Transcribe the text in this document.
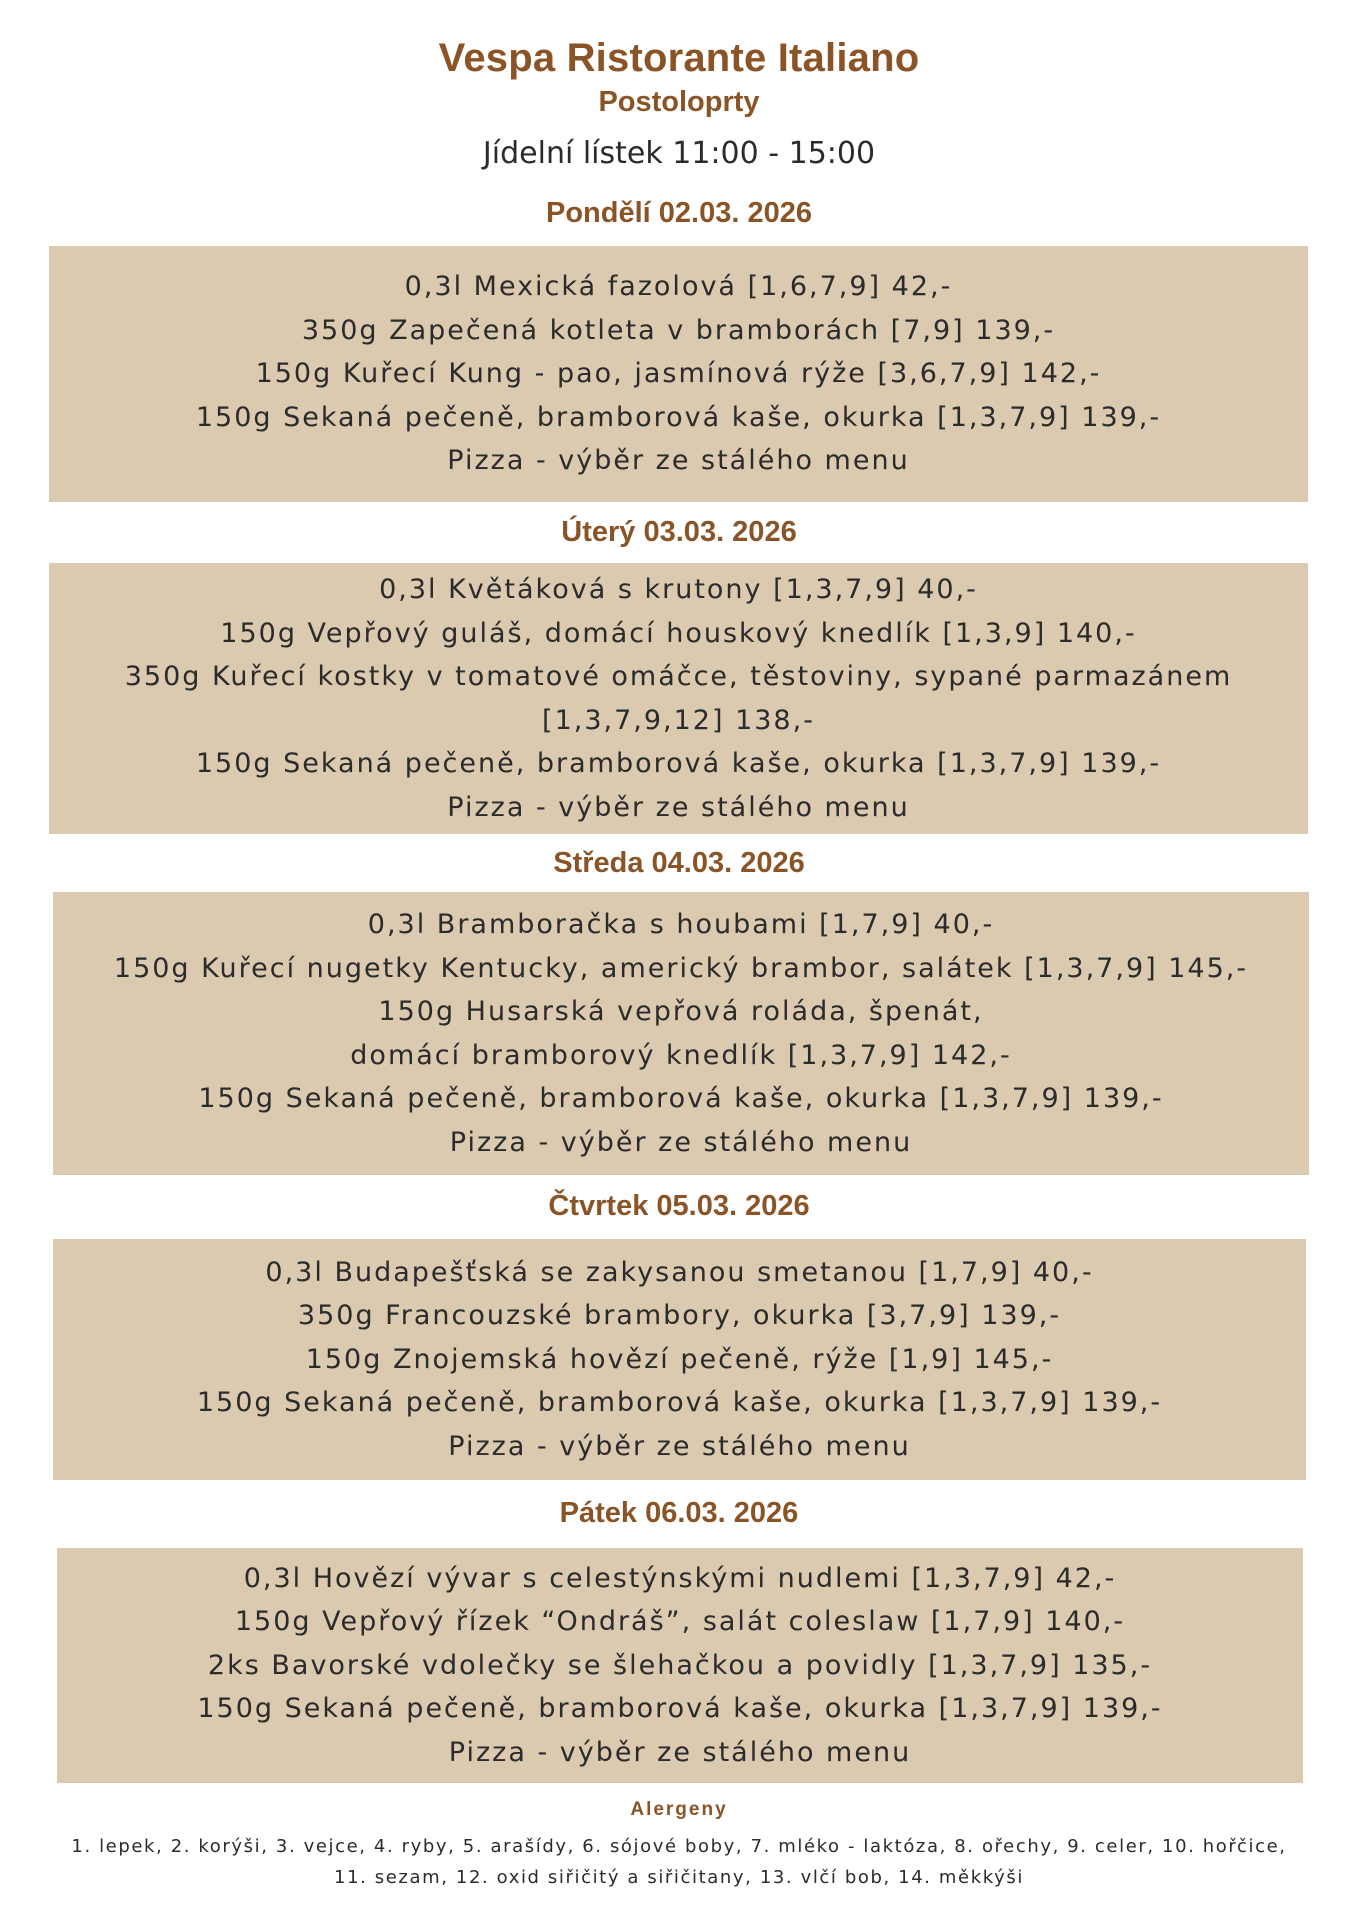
Vespa Ristorante Italiano
Postoloprty
Jídelní lístek 11:00 - 15:00
Pondělí 02.03. 2026
0,3l Mexická fazolová [1,6,7,9] 42,-
350g Zapečená kotleta v bramborách [7,9] 139,-
150g Kuřecí Kung - pao, jasmínová rýže [3,6,7,9] 142,-
150g Sekaná pečeně, bramborová kaše, okurka [1,3,7,9] 139,-
Pizza - výběr ze stálého menu
Úterý 03.03. 2026
0,3l Květáková s krutony [1,3,7,9] 40,-
150g Vepřový guláš, domácí houskový knedlík [1,3,9] 140,-
350g Kuřecí kostky v tomatové omáčce, těstoviny, sypané parmazánem
[1,3,7,9,12] 138,-
150g Sekaná pečeně, bramborová kaše, okurka [1,3,7,9] 139,-
Pizza - výběr ze stálého menu
Středa 04.03. 2026
0,3l Bramboračka s houbami [1,7,9] 40,-
150g Kuřecí nugetky Kentucky, americký brambor, salátek [1,3,7,9] 145,-
150g Husarská vepřová roláda, špenát,
domácí bramborový knedlík [1,3,7,9] 142,-
150g Sekaná pečeně, bramborová kaše, okurka [1,3,7,9] 139,-
Pizza - výběr ze stálého menu
Čtvrtek 05.03. 2026
0,3l Budapešťská se zakysanou smetanou [1,7,9] 40,-
350g Francouzské brambory, okurka [3,7,9] 139,-
150g Znojemská hovězí pečeně, rýže [1,9] 145,-
150g Sekaná pečeně, bramborová kaše, okurka [1,3,7,9] 139,-
Pizza - výběr ze stálého menu
Pátek 06.03. 2026
0,3l Hovězí vývar s celestýnskými nudlemi [1,3,7,9] 42,-
150g Vepřový řízek “Ondráš”, salát coleslaw [1,7,9] 140,-
2ks Bavorské vdolečky se šlehačkou a povidly [1,3,7,9] 135,-
150g Sekaná pečeně, bramborová kaše, okurka [1,3,7,9] 139,-
Pizza - výběr ze stálého menu
Alergeny
1. lepek, 2. korýši, 3. vejce, 4. ryby, 5. arašídy, 6. sójové boby, 7. mléko - laktóza, 8. ořechy, 9. celer, 10. hořčice, 11. sezam, 12. oxid siřičitý a siřičitany, 13. vlčí bob, 14. měkkýši
